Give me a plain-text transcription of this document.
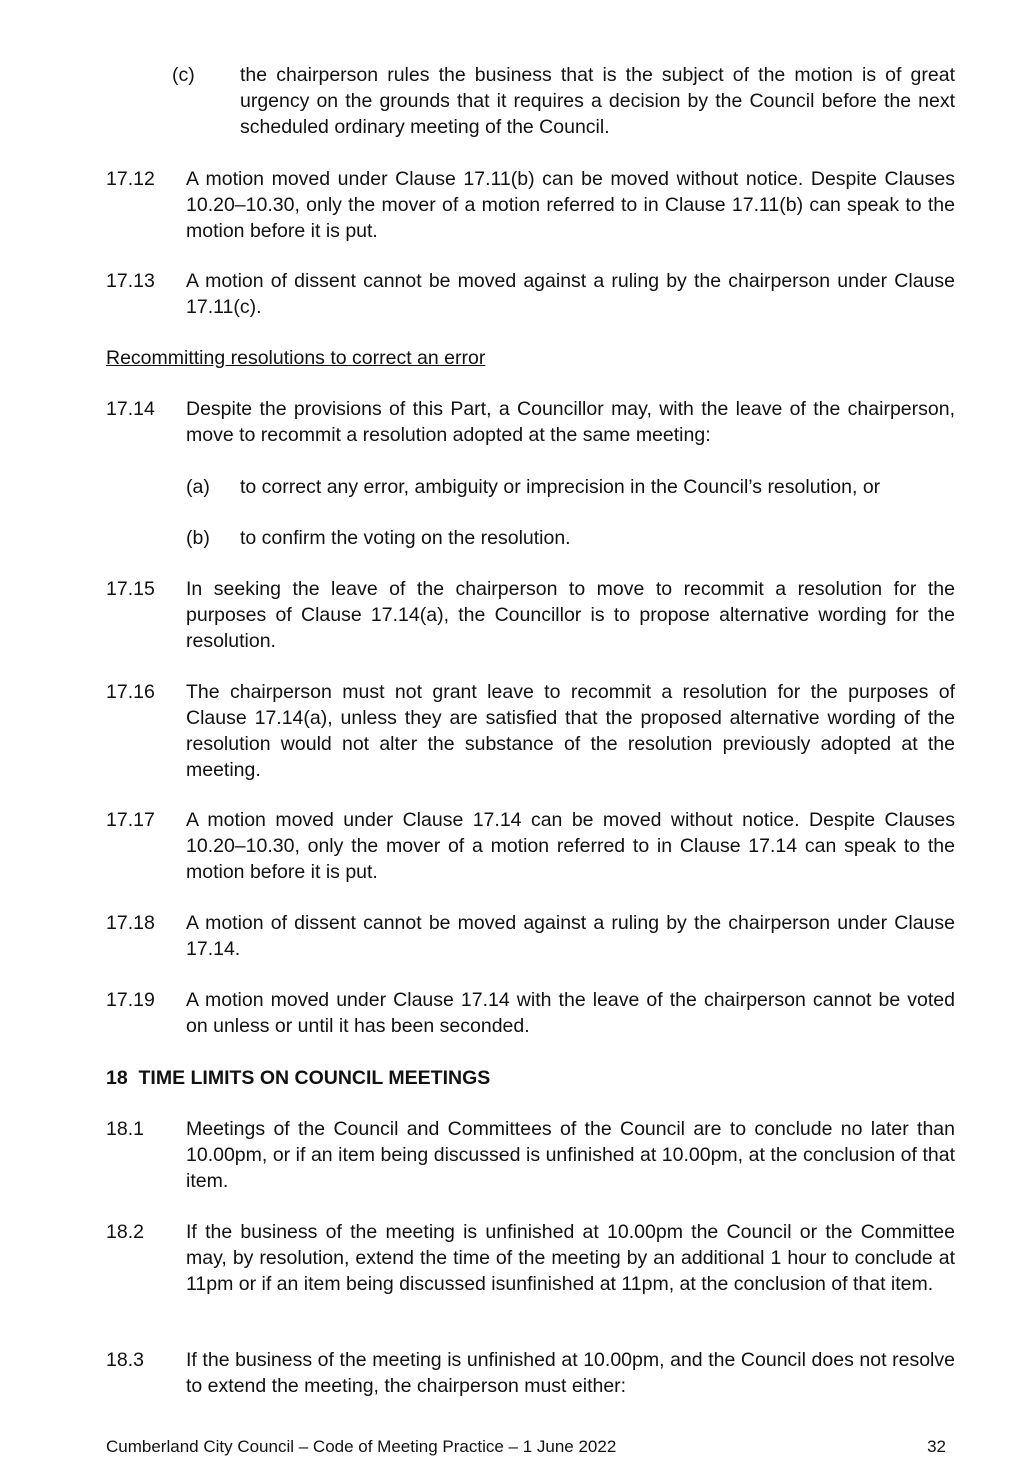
(c)	the chairperson rules the business that is the subject of the motion is of great urgency on the grounds that it requires a decision by the Council before the next scheduled ordinary meeting of the Council.
17.12	A motion moved under Clause 17.11(b) can be moved without notice. Despite Clauses 10.20–10.30, only the mover of a motion referred to in Clause 17.11(b) can speak to the motion before it is put.
17.13	A motion of dissent cannot be moved against a ruling by the chairperson under Clause 17.11(c).
Recommitting resolutions to correct an error
17.14	Despite the provisions of this Part, a Councillor may, with the leave of the chairperson, move to recommit a resolution adopted at the same meeting:
(a)	to correct any error, ambiguity or imprecision in the Council’s resolution, or
(b)	to confirm the voting on the resolution.
17.15	In seeking the leave of the chairperson to move to recommit a resolution for the purposes of Clause 17.14(a), the Councillor is to propose alternative wording for the resolution.
17.16	The chairperson must not grant leave to recommit a resolution for the purposes of Clause 17.14(a), unless they are satisfied that the proposed alternative wording of the resolution would not alter the substance of the resolution previously adopted at the meeting.
17.17	A motion moved under Clause 17.14 can be moved without notice. Despite Clauses 10.20–10.30, only the mover of a motion referred to in Clause 17.14 can speak to the motion before it is put.
17.18	A motion of dissent cannot be moved against a ruling by the chairperson under Clause 17.14.
17.19	A motion moved under Clause 17.14 with the leave of the chairperson cannot be voted on unless or until it has been seconded.
18  TIME LIMITS ON COUNCIL MEETINGS
18.1	Meetings of the Council and Committees of the Council are to conclude no later than 10.00pm, or if an item being discussed is unfinished at 10.00pm, at the conclusion of that item.
18.2	If the business of the meeting is unfinished at 10.00pm the Council or the Committee may, by resolution, extend the time of the meeting by an additional 1 hour to conclude at 11pm or if an item being discussed isunfinished at 11pm, at the conclusion of that item.
18.3	If the business of the meeting is unfinished at 10.00pm, and the Council does not resolve to extend the meeting, the chairperson must either:
Cumberland City Council – Code of Meeting Practice – 1 June 2022	32
